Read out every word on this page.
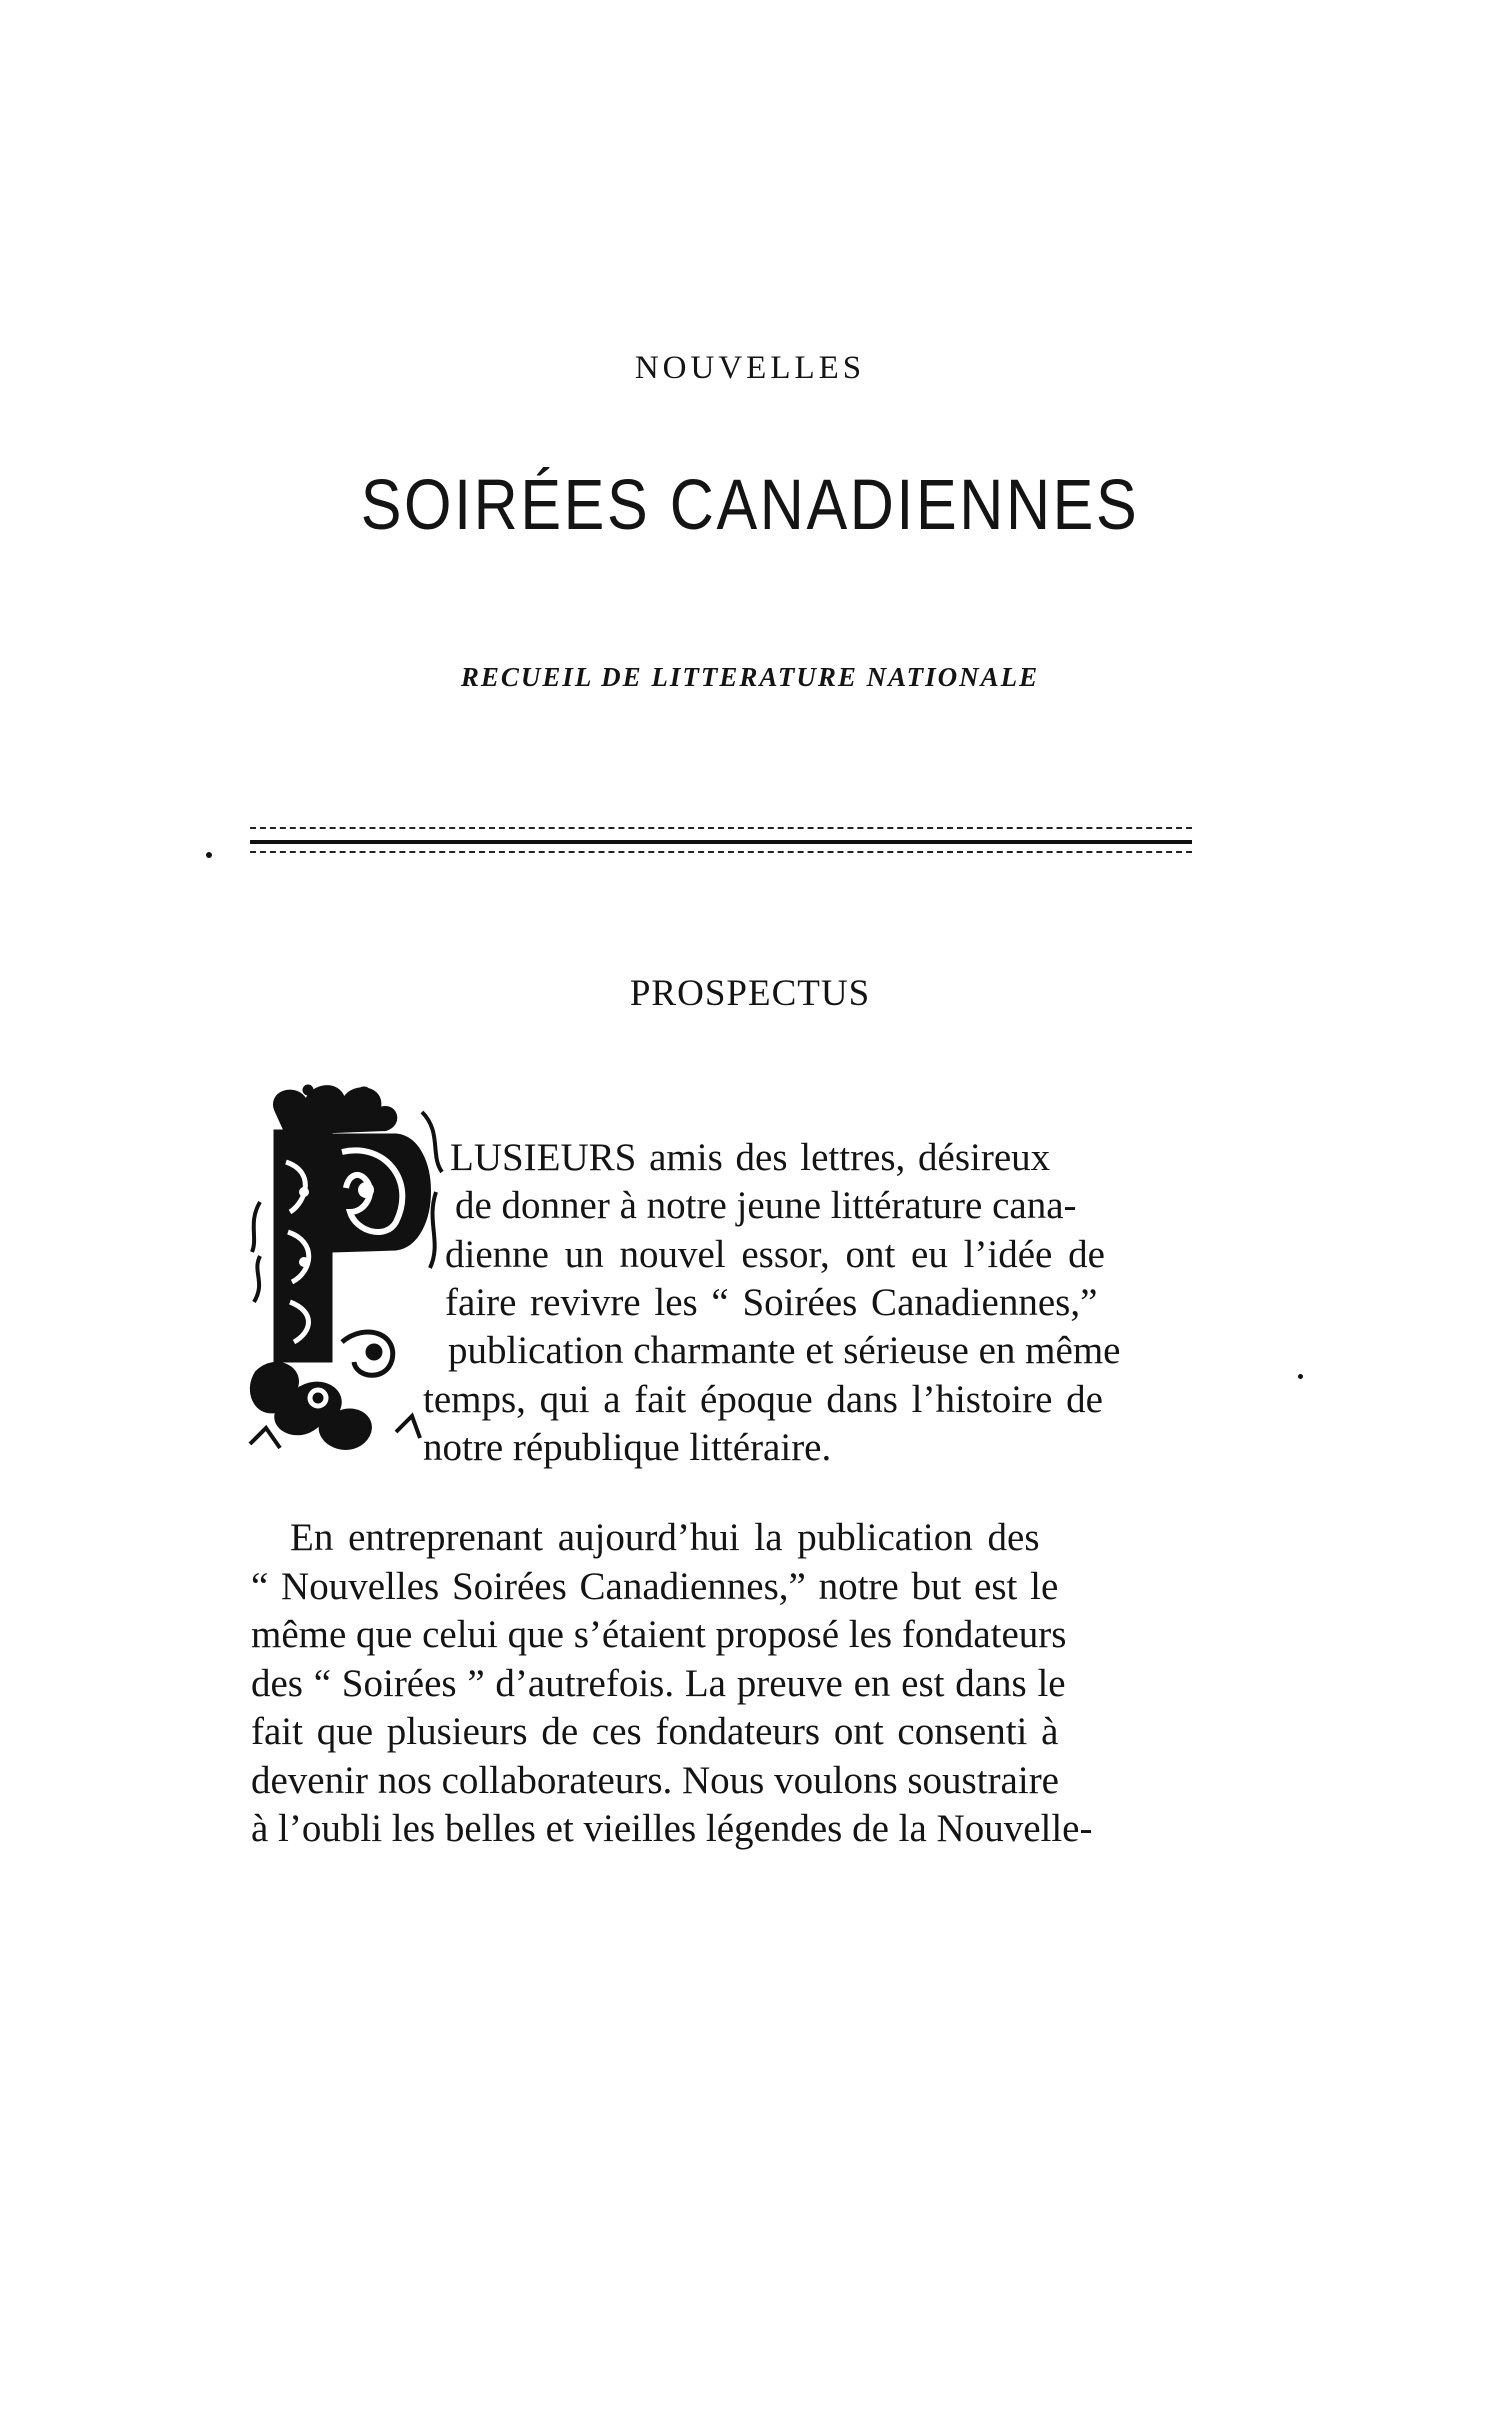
NOUVELLES
SOIRÉES CANADIENNES
RECUEIL DE LITTERATURE NATIONALE
PROSPECTUS
LUSIEURS amis des lettres, désireux
de donner à notre jeune littérature cana-
dienne un nouvel essor, ont eu l’idée de
faire revivre les “ Soirées Canadiennes,”
publication charmante et sérieuse en même
temps, qui a fait époque dans l’histoire de
notre république littéraire.
En entreprenant aujourd’hui la publication des
“ Nouvelles Soirées Canadiennes,” notre but est le
même que celui que s’étaient proposé les fondateurs
des “ Soirées ” d’autrefois. La preuve en est dans le
fait que plusieurs de ces fondateurs ont consenti à
devenir nos collaborateurs. Nous voulons soustraire
à l’oubli les belles et vieilles légendes de la Nouvelle-
